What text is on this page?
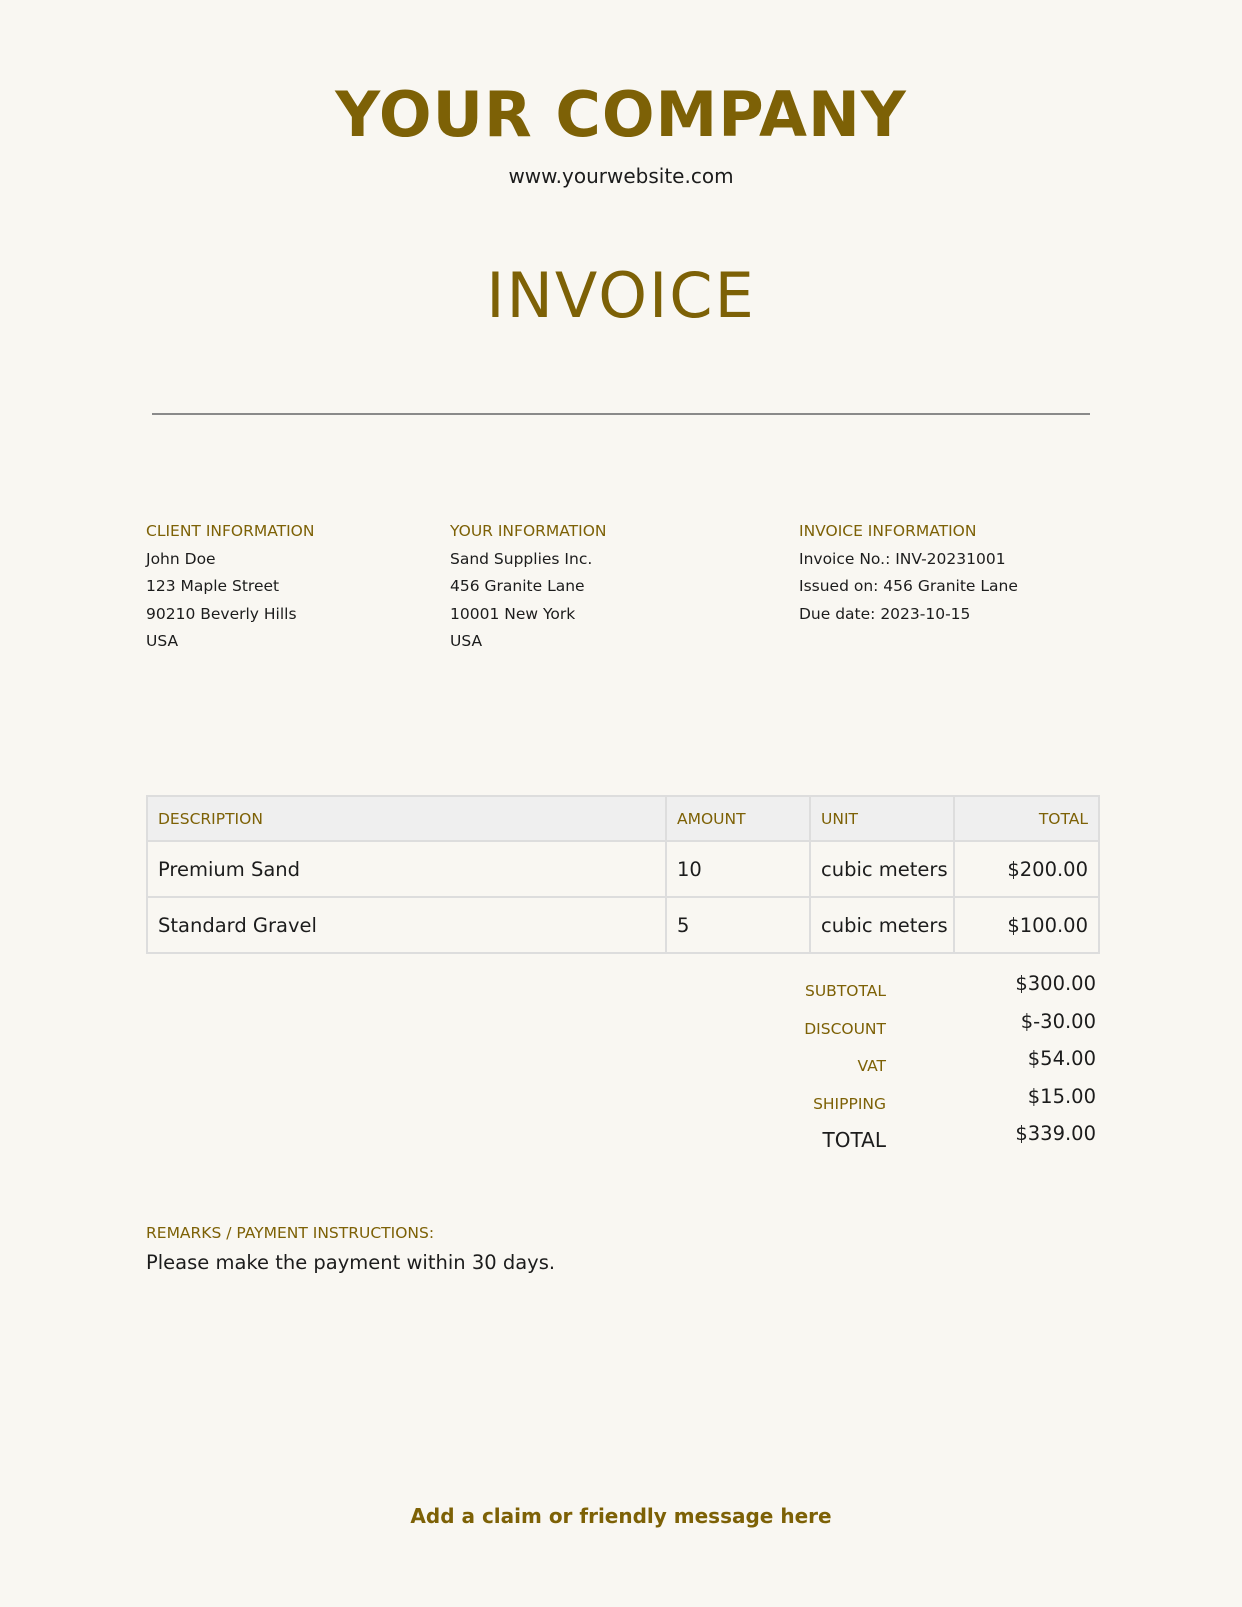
YOUR COMPANY
www.yourwebsite.com
INVOICE
CLIENT INFORMATION
John Doe
123 Maple Street
90210 Beverly Hills
USA
YOUR INFORMATION
Sand Supplies Inc.
456 Granite Lane
10001 New York
USA
INVOICE INFORMATION
Invoice No.: INV-20231001
Issued on: 456 Granite Lane
Due date: 2023-10-15
DESCRIPTION	AMOUNT	UNIT	TOTAL
Premium Sand	10	cubic meters	$200.00
Standard Gravel	5	cubic meters	$100.00
SUBTOTAL	$300.00
DISCOUNT	$-30.00
VAT	$54.00
SHIPPING	$15.00
TOTAL	$339.00
REMARKS / PAYMENT INSTRUCTIONS:
Please make the payment within 30 days.
Add a claim or friendly message here
